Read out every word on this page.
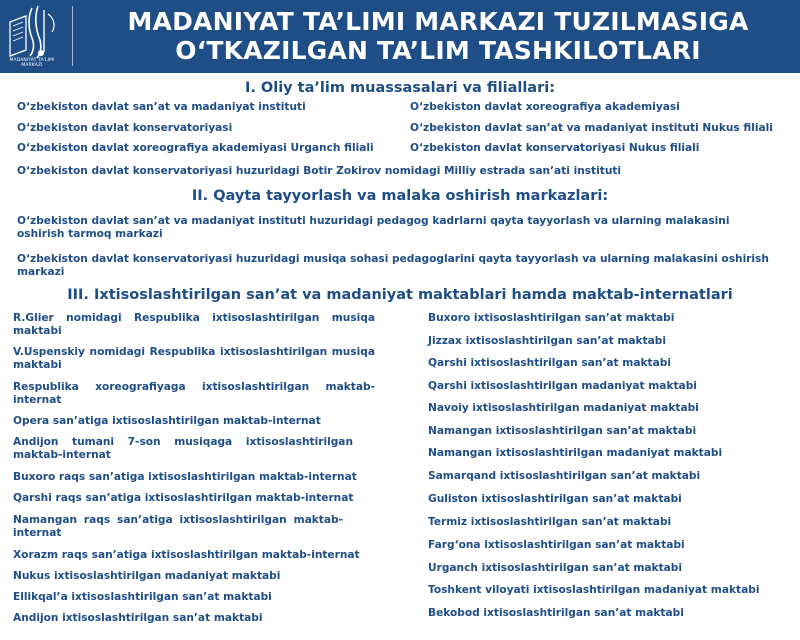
MADANIYAT TA'LIMI MARKAZI
MADANIYAT TA’LIMI MARKAZI TUZILMASIGA
O‘TKAZILGAN TA’LIM TASHKILOTLARI
I. Oliy ta’lim muassasalari va filiallari:
O‘zbekiston davlat san’at va madaniyat instituti	O‘zbekiston davlat xoreografiya akademiyasi
O‘zbekiston davlat konservatoriyasi	O‘zbekiston davlat san’at va madaniyat instituti Nukus filiali
O‘zbekiston davlat xoreografiya akademiyasi Urganch filiali	O‘zbekiston davlat konservatoriyasi Nukus filiali
O‘zbekiston davlat konservatoriyasi huzuridagi Botir Zokirov nomidagi Milliy estrada san’ati instituti
II. Qayta tayyorlash va malaka oshirish markazlari:
O‘zbekiston davlat san’at va madaniyat instituti huzuridagi pedagog kadrlarni qayta tayyorlash va ularning malakasini oshirish tarmoq markazi
O‘zbekiston davlat konservatoriyasi huzuridagi musiqa sohasi pedagoglarini qayta tayyorlash va ularning malakasini oshirish markazi
III. Ixtisoslashtirilgan san’at va madaniyat maktablari hamda maktab-internatlari
R.Glier nomidagi Respublika ixtisoslashtirilgan musiqa maktabi
V.Uspenskiy nomidagi Respublika ixtisoslashtirilgan musiqa maktabi
Respublika xoreografiyaga ixtisoslashtirilgan maktab-internat
Opera san’atiga ixtisoslashtirilgan maktab-internat
Andijon tumani 7-son musiqaga ixtisoslashtirilgan maktab-internat
Buxoro raqs san’atiga ixtisoslashtirilgan maktab-internat
Qarshi raqs san’atiga ixtisoslashtirilgan maktab-internat
Namangan raqs san’atiga ixtisoslashtirilgan maktab-internat
Xorazm raqs san’atiga ixtisoslashtirilgan maktab-internat
Nukus ixtisoslashtirilgan madaniyat maktabi
Ellikqal’a ixtisoslashtirilgan san’at maktabi
Andijon ixtisoslashtirilgan san’at maktabi
Buxoro ixtisoslashtirilgan san’at maktabi
Jizzax ixtisoslashtirilgan san’at maktabi
Qarshi ixtisoslashtirilgan san’at maktabi
Qarshi ixtisoslashtirilgan madaniyat maktabi
Navoiy ixtisoslashtirilgan madaniyat maktabi
Namangan ixtisoslashtirilgan san’at maktabi
Namangan ixtisoslashtirilgan madaniyat maktabi
Samarqand ixtisoslashtirilgan san’at maktabi
Guliston ixtisoslashtirilgan san’at maktabi
Termiz ixtisoslashtirilgan san’at maktabi
Farg‘ona ixtisoslashtirilgan san’at maktabi
Urganch ixtisoslashtirilgan san’at maktabi
Toshkent viloyati ixtisoslashtirilgan madaniyat maktabi
Bekobod ixtisoslashtirilgan san’at maktabi
